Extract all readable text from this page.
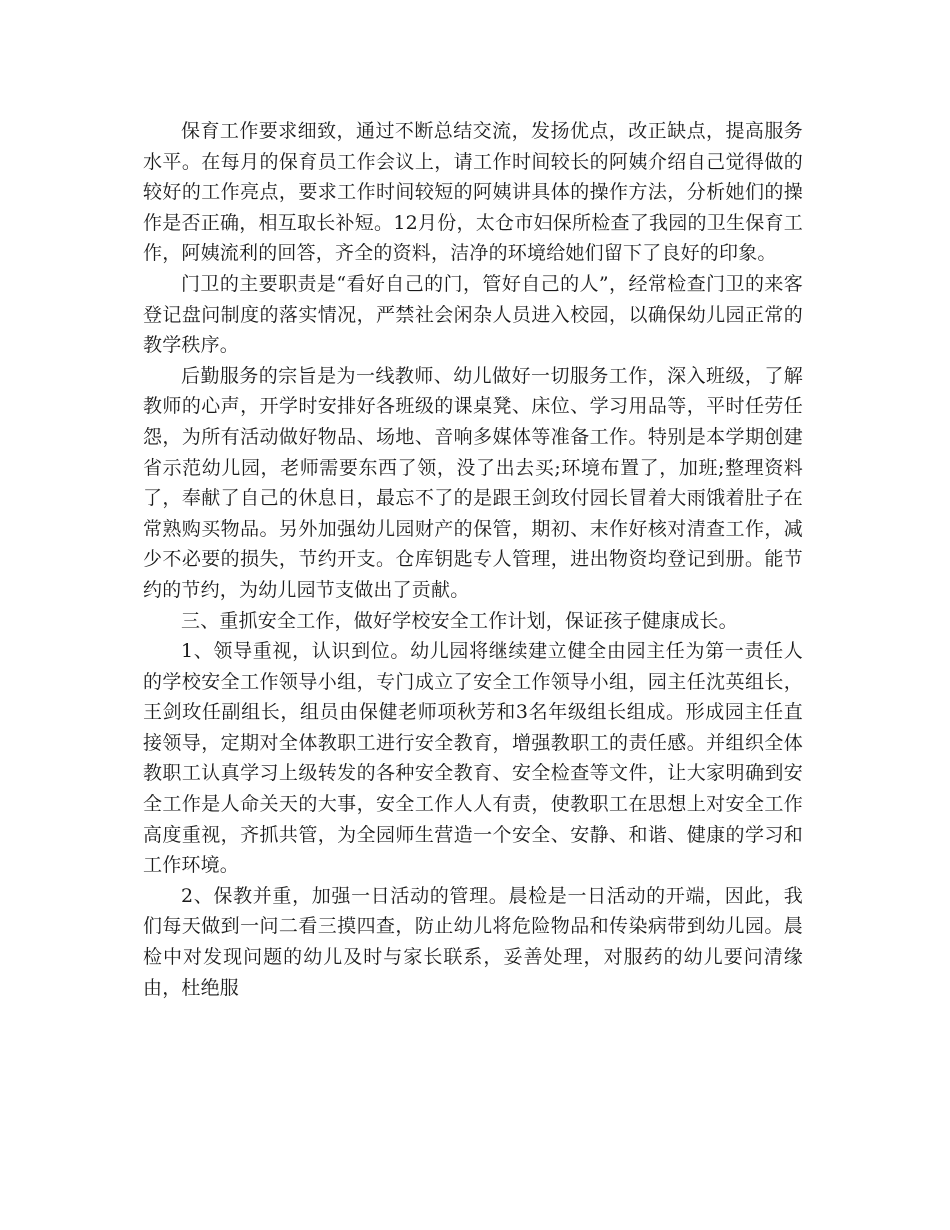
保育工作要求细致，通过不断总结交流，发扬优点，改正缺点，提高服务水平。在每月的保育员工作会议上，请工作时间较长的阿姨介绍自己觉得做的较好的工作亮点，要求工作时间较短的阿姨讲具体的操作方法，分析她们的操作是否正确，相互取长补短。12月份，太仓市妇保所检查了我园的卫生保育工作，阿姨流利的回答，齐全的资料，洁净的环境给她们留下了良好的印象。

门卫的主要职责是“看好自己的门，管好自己的人”，经常检查门卫的来客登记盘问制度的落实情况，严禁社会闲杂人员进入校园，以确保幼儿园正常的教学秩序。

后勤服务的宗旨是为一线教师、幼儿做好一切服务工作，深入班级，了解教师的心声，开学时安排好各班级的课桌凳、床位、学习用品等，平时任劳任怨，为所有活动做好物品、场地、音响多媒体等准备工作。特别是本学期创建省示范幼儿园，老师需要东西了领，没了出去买;环境布置了，加班;整理资料了，奉献了自己的休息日，最忘不了的是跟王剑玫付园长冒着大雨饿着肚子在常熟购买物品。另外加强幼儿园财产的保管，期初、末作好核对清查工作，减少不必要的损失，节约开支。仓库钥匙专人管理，进出物资均登记到册。能节约的节约，为幼儿园节支做出了贡献。

三、重抓安全工作，做好学校安全工作计划，保证孩子健康成长。

1、领导重视，认识到位。幼儿园将继续建立健全由园主任为第一责任人的学校安全工作领导小组，专门成立了安全工作领导小组，园主任沈英组长，王剑玫任副组长，组员由保健老师项秋芳和3名年级组长组成。形成园主任直接领导，定期对全体教职工进行安全教育，增强教职工的责任感。并组织全体教职工认真学习上级转发的各种安全教育、安全检查等文件，让大家明确到安全工作是人命关天的大事，安全工作人人有责，使教职工在思想上对安全工作高度重视，齐抓共管，为全园师生营造一个安全、安静、和谐、健康的学习和工作环境。

2、保教并重，加强一日活动的管理。晨检是一日活动的开端，因此，我们每天做到一问二看三摸四查，防止幼儿将危险物品和传染病带到幼儿园。晨检中对发现问题的幼儿及时与家长联系，妥善处理，对服药的幼儿要问清缘由，杜绝服
